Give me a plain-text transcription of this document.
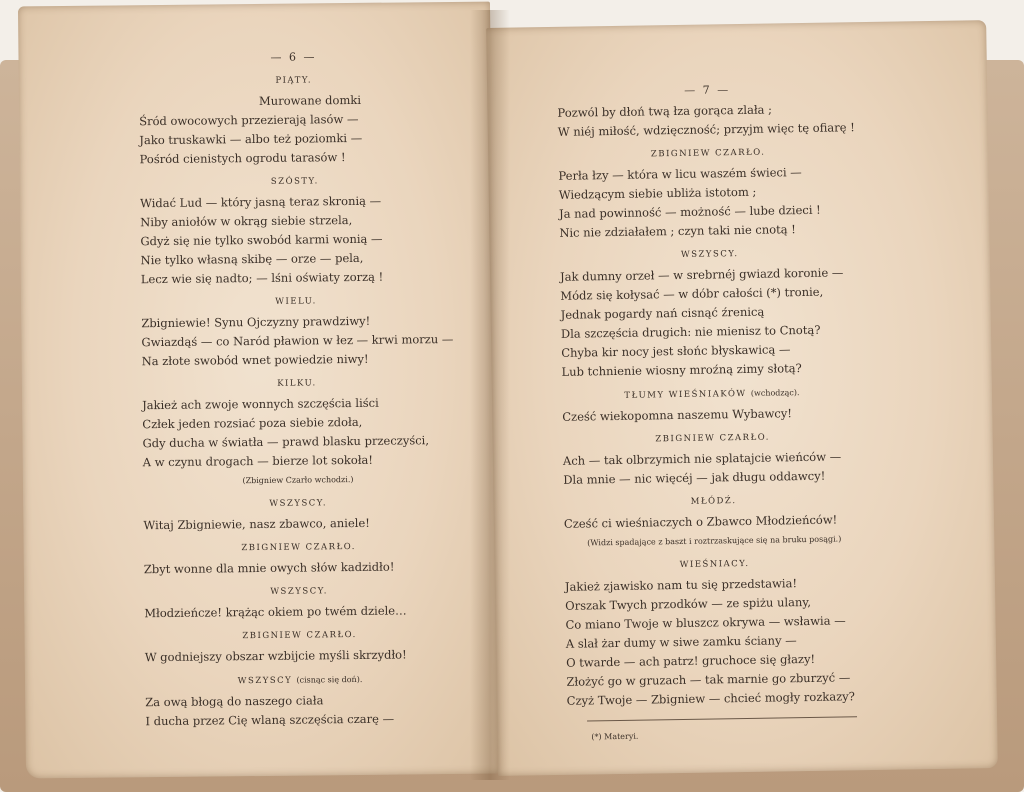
— 6 —
PIĄTY.
Murowane domki
Śród owocowych przezierają lasów —
Jako truskawki — albo też poziomki —
Pośród cienistych ogrodu tarasów !
SZÓSTY.
Widać Lud — który jasną teraz skronią —
Niby aniołów w okrąg siebie strzela,
Gdyż się nie tylko swobód karmi wonią —
Nie tylko własną skibę — orze — pela,
Lecz wie się nadto; — lśni oświaty zorzą !
WIELU.
Zbigniewie! Synu Ojczyzny prawdziwy!
Gwiazdąś — co Naród pławion w łez — krwi morzu —
Na złote swobód wnet powiedzie niwy!
KILKU.
Jakież ach zwoje wonnych szczęścia liści
Człek jeden rozsiać poza siebie zdoła,
Gdy ducha w światła — prawd blasku przeczyści,
A w czynu drogach — bierze lot sokoła!
(Zbigniew Czarło wchodzi.)
WSZYSCY.
Witaj Zbigniewie, nasz zbawco, aniele!
ZBIGNIEW CZARŁO.
Zbyt wonne dla mnie owych słów kadzidło!
WSZYSCY.
Młodzieńcze! krążąc okiem po twém dziele…
ZBIGNIEW CZARŁO.
W godniejszy obszar wzbijcie myśli skrzydło!
WSZYSCY (cisnąc się doń).
Za ową błogą do naszego ciała
I ducha przez Cię wlaną szczęścia czarę —
— 7 —
Pozwól by dłoń twą łza gorąca zlała ;
W niéj miłość, wdzięczność; przyjm więc tę ofiarę !
ZBIGNIEW CZARŁO.
Perła łzy — która w licu waszém świeci —
Wiedzącym siebie ubliża istotom ;
Ja nad powinność — możność — lube dzieci !
Nic nie zdziałałem ; czyn taki nie cnotą !
WSZYSCY.
Jak dumny orzeł — w srebrnéj gwiazd koronie —
Módz się kołysać — w dóbr całości (*) tronie,
Jednak pogardy nań cisnąć źrenicą
Dla szczęścia drugich: nie mienisz to Cnotą?
Chyba kir nocy jest słońc błyskawicą —
Lub tchnienie wiosny mroźną zimy słotą?
TŁUMY WIEŚNIAKÓW (wchodząc).
Cześć wiekopomna naszemu Wybawcy!
ZBIGNIEW CZARŁO.
Ach — tak olbrzymich nie splatajcie wieńców —
Dla mnie — nic więcéj — jak długu oddawcy!
MŁÓDŹ.
Cześć ci wieśniaczych o Zbawco Młodzieńców!
(Widzi spadające z baszt i roztrzaskujące się na bruku posągi.)
WIEŚNIACY.
Jakież zjawisko nam tu się przedstawia!
Orszak Twych przodków — ze spiżu ulany,
Co miano Twoje w bluszcz okrywa — wsławia —
A slał żar dumy w siwe zamku ściany —
O twarde — ach patrz! gruchoce się głazy!
Złożyć go w gruzach — tak marnie go zburzyć —
Czyż Twoje — Zbigniew — chcieć mogły rozkazy?
(*) Materyi.
